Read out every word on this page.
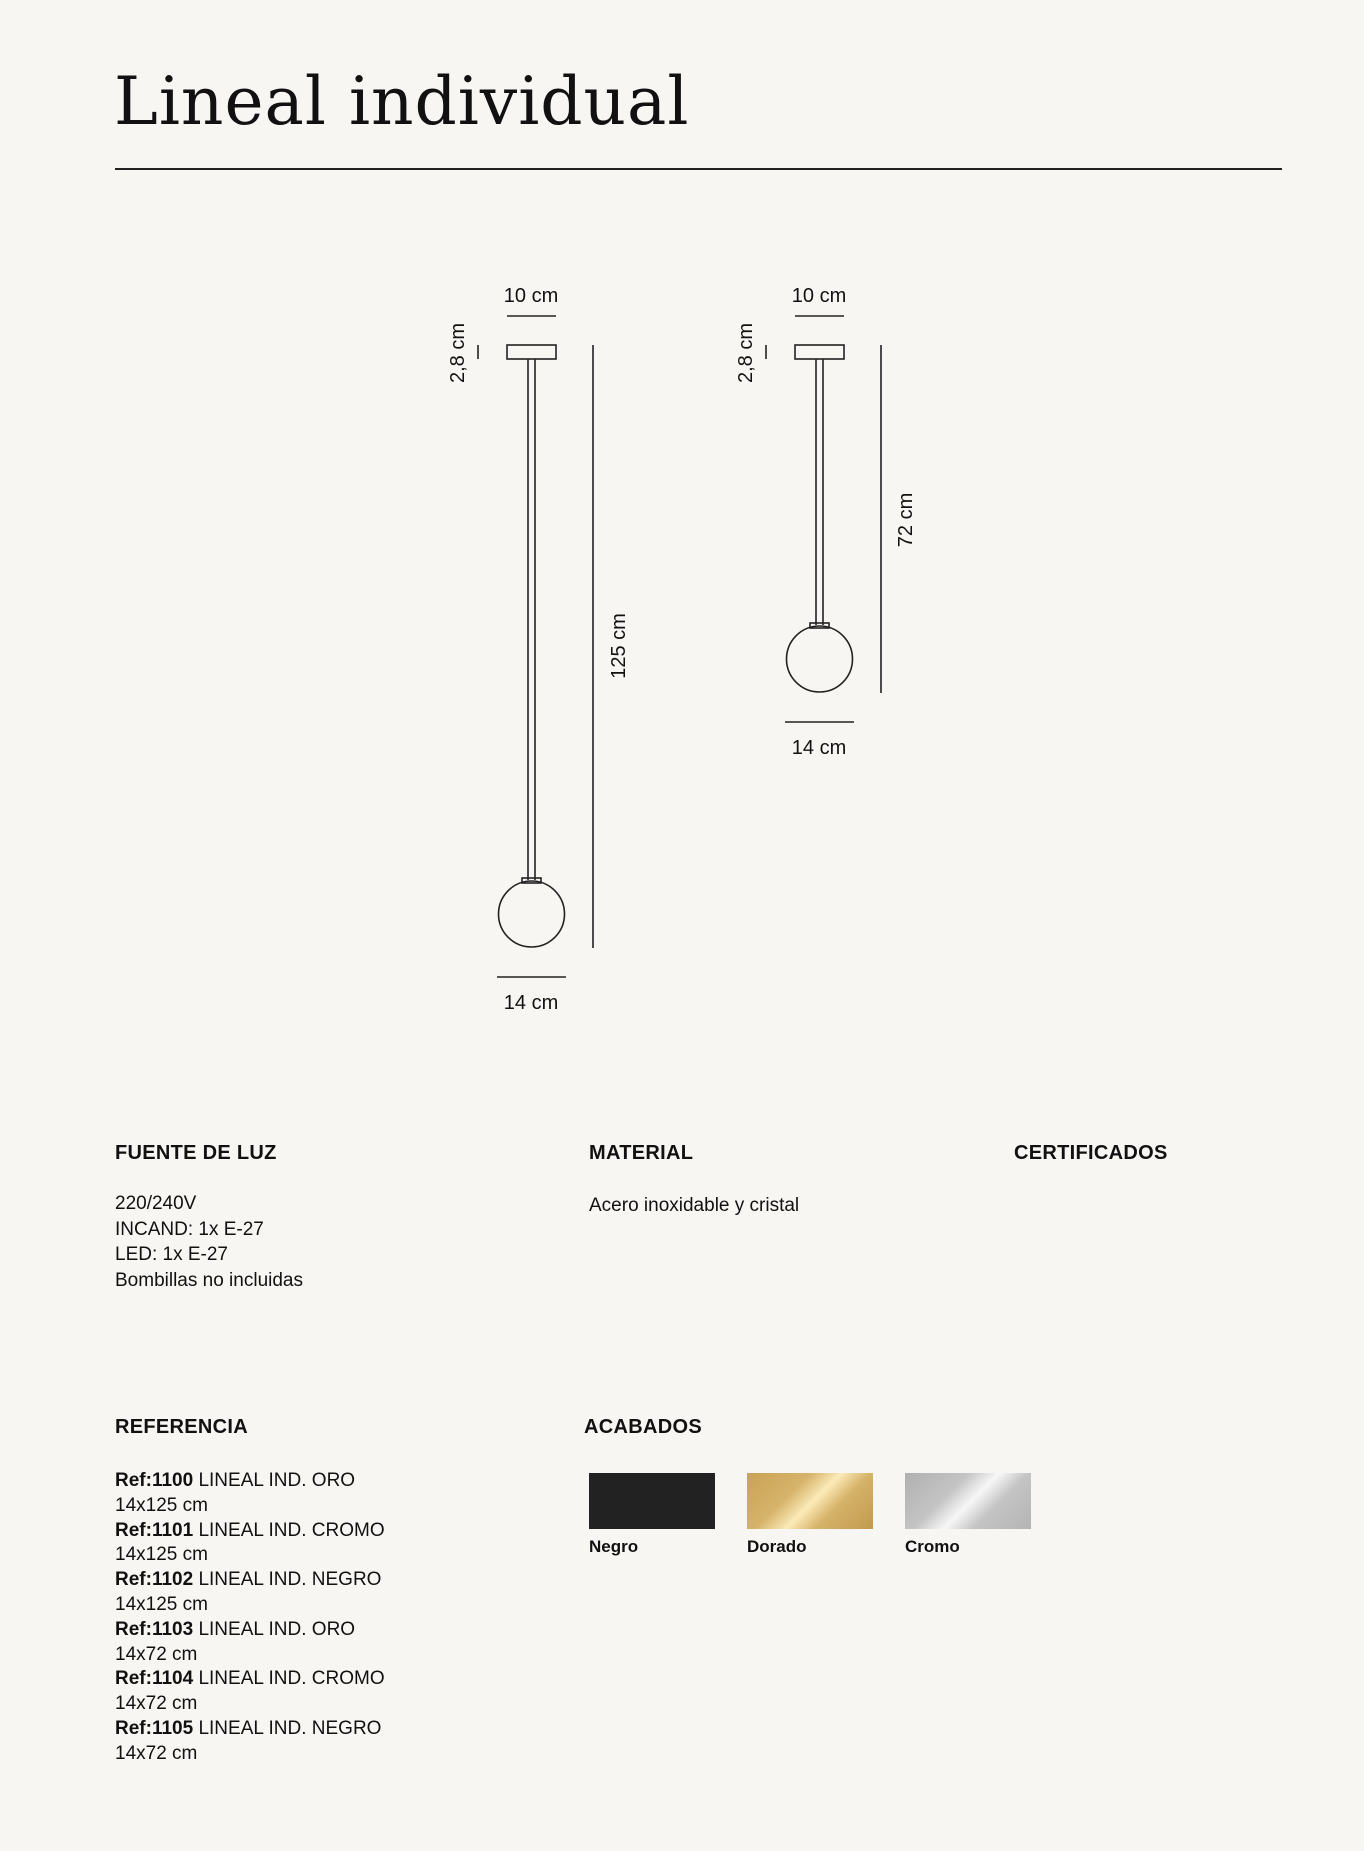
Lineal individual
10 cm
2,8 cm
14 cm
125 cm
10 cm
2,8 cm
14 cm
72 cm
FUENTE DE LUZ
220/240V
INCAND: 1x E-27
LED: 1x E-27
Bombillas no incluidas
MATERIAL
Acero inoxidable y cristal
CERTIFICADOS
REFERENCIA
Ref:1100 LINEAL IND. ORO
14x125 cm
Ref:1101 LINEAL IND. CROMO
14x125 cm
Ref:1102 LINEAL IND. NEGRO
14x125 cm
Ref:1103 LINEAL IND. ORO
14x72 cm
Ref:1104 LINEAL IND. CROMO
14x72 cm
Ref:1105 LINEAL IND. NEGRO
14x72 cm
ACABADOS
Negro	Dorado	Cromo
